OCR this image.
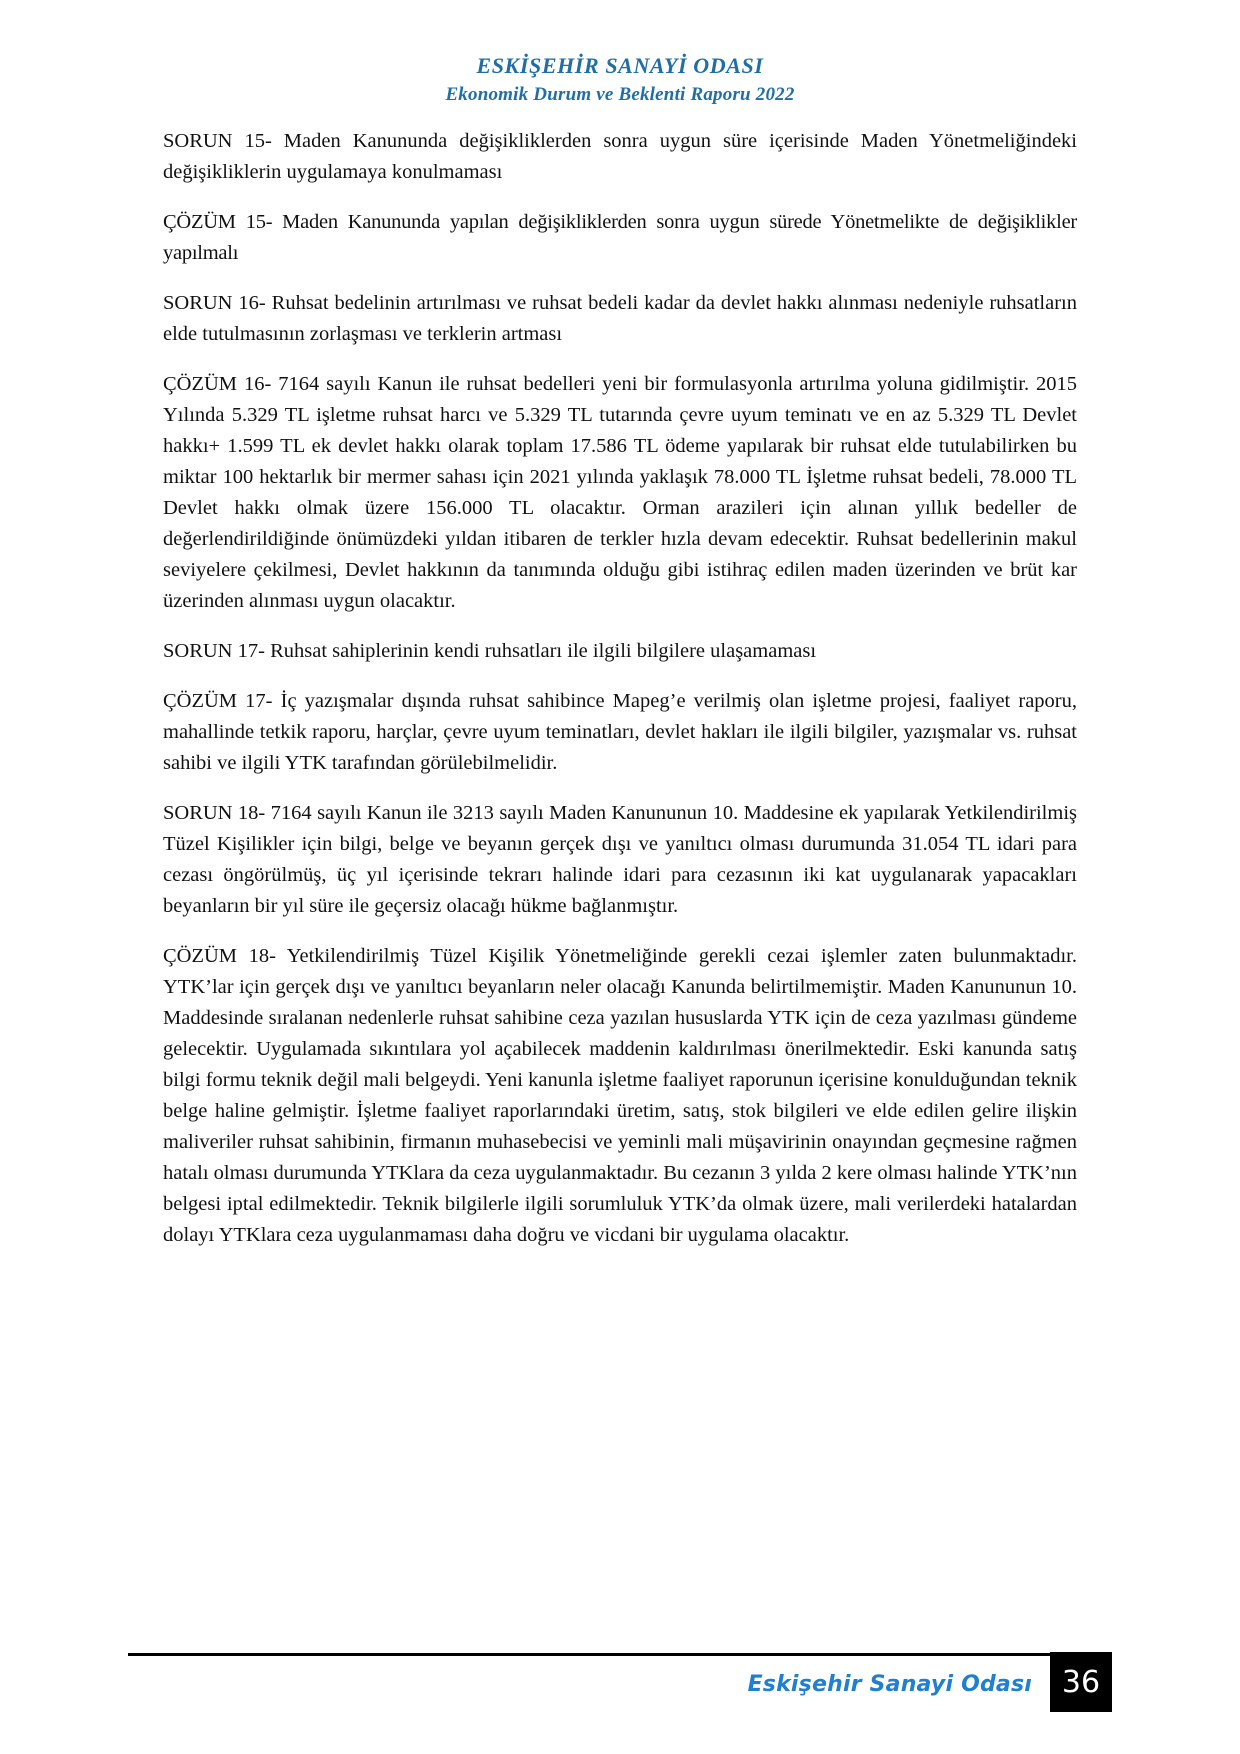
ESKİŞEHİR SANAYİ ODASI
Ekonomik Durum ve Beklenti Raporu 2022

SORUN 15- Maden Kanununda değişikliklerden sonra uygun süre içerisinde Maden Yönetmeliğindeki değişikliklerin uygulamaya konulmaması

ÇÖZÜM 15- Maden Kanununda yapılan değişikliklerden sonra uygun sürede Yönetmelikte de değişiklikler yapılmalı

SORUN 16- Ruhsat bedelinin artırılması ve ruhsat bedeli kadar da devlet hakkı alınması nedeniyle ruhsatların elde tutulmasının zorlaşması ve terklerin artması

ÇÖZÜM 16- 7164 sayılı Kanun ile ruhsat bedelleri yeni bir formulasyonla artırılma yoluna gidilmiştir. 2015 Yılında 5.329 TL işletme ruhsat harcı ve 5.329 TL tutarında çevre uyum teminatı ve en az 5.329 TL Devlet hakkı+ 1.599 TL ek devlet hakkı olarak toplam 17.586 TL ödeme yapılarak bir ruhsat elde tutulabilirken bu miktar 100 hektarlık bir mermer sahası için 2021 yılında yaklaşık 78.000 TL İşletme ruhsat bedeli, 78.000 TL Devlet hakkı olmak üzere 156.000 TL olacaktır. Orman arazileri için alınan yıllık bedeller de değerlendirildiğinde önümüzdeki yıldan itibaren de terkler hızla devam edecektir. Ruhsat bedellerinin makul seviyelere çekilmesi, Devlet hakkının da tanımında olduğu gibi istihraç edilen maden üzerinden ve brüt kar üzerinden alınması uygun olacaktır.

SORUN 17- Ruhsat sahiplerinin kendi ruhsatları ile ilgili bilgilere ulaşamaması

ÇÖZÜM 17- İç yazışmalar dışında ruhsat sahibince Mapeg’e verilmiş olan işletme projesi, faaliyet raporu, mahallinde tetkik raporu, harçlar, çevre uyum teminatları, devlet hakları ile ilgili bilgiler, yazışmalar vs. ruhsat sahibi ve ilgili YTK tarafından görülebilmelidir.

SORUN 18- 7164 sayılı Kanun ile 3213 sayılı Maden Kanununun 10. Maddesine ek yapılarak Yetkilendirilmiş Tüzel Kişilikler için bilgi, belge ve beyanın gerçek dışı ve yanıltıcı olması durumunda 31.054 TL idari para cezası öngörülmüş, üç yıl içerisinde tekrarı halinde idari para cezasının iki kat uygulanarak yapacakları beyanların bir yıl süre ile geçersiz olacağı hükme bağlanmıştır.

ÇÖZÜM 18- Yetkilendirilmiş Tüzel Kişilik Yönetmeliğinde gerekli cezai işlemler zaten bulunmaktadır. YTK’lar için gerçek dışı ve yanıltıcı beyanların neler olacağı Kanunda belirtilmemiştir. Maden Kanununun 10. Maddesinde sıralanan nedenlerle ruhsat sahibine ceza yazılan hususlarda YTK için de ceza yazılması gündeme gelecektir. Uygulamada sıkıntılara yol açabilecek maddenin kaldırılması önerilmektedir. Eski kanunda satış bilgi formu teknik değil mali belgeydi. Yeni kanunla işletme faaliyet raporunun içerisine konulduğundan teknik belge haline gelmiştir. İşletme faaliyet raporlarındaki üretim, satış, stok bilgileri ve elde edilen gelire ilişkin maliveriler ruhsat sahibinin, firmanın muhasebecisi ve yeminli mali müşavirinin onayından geçmesine rağmen hatalı olması durumunda YTKlara da ceza uygulanmaktadır. Bu cezanın 3 yılda 2 kere olması halinde YTK’nın belgesi iptal edilmektedir. Teknik bilgilerle ilgili sorumluluk YTK’da olmak üzere, mali verilerdeki hatalardan dolayı YTKlara ceza uygulanmaması daha doğru ve vicdani bir uygulama olacaktır.

Eskişehir Sanayi Odası 36
